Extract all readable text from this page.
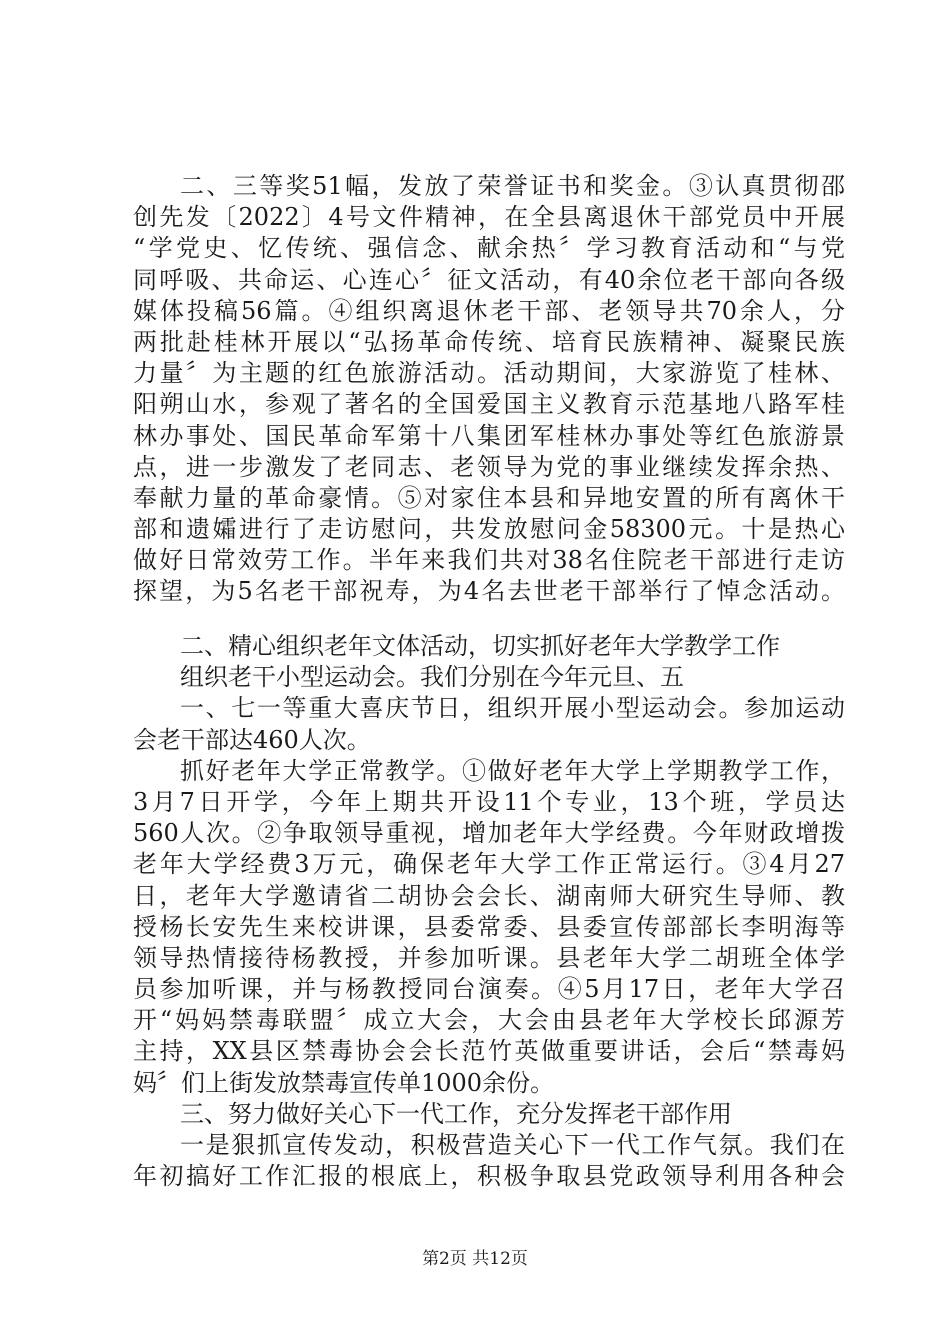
二、三等奖51幅，发放了荣誉证书和奖金。③认真贯彻邵
创先发〔2022〕4号文件精神，在全县离退休干部党员中开展
“学党史、忆传统、强信念、献余热〞学习教育活动和“与党
同呼吸、共命运、心连心〞征文活动，有40余位老干部向各级
媒体投稿56篇。④组织离退休老干部、老领导共70余人，分
两批赴桂林开展以“弘扬革命传统、培育民族精神、凝聚民族
力量〞为主题的红色旅游活动。活动期间，大家游览了桂林、
阳朔山水，参观了著名的全国爱国主义教育示范基地八路军桂
林办事处、国民革命军第十八集团军桂林办事处等红色旅游景
点，进一步激发了老同志、老领导为党的事业继续发挥余热、
奉献力量的革命豪情。⑤对家住本县和异地安置的所有离休干
部和遗孀进行了走访慰问，共发放慰问金58300元。十是热心
做好日常效劳工作。半年来我们共对38名住院老干部进行走访
探望，为5名老干部祝寿，为4名去世老干部举行了悼念活动。
二、精心组织老年文体活动，切实抓好老年大学教学工作
组织老干小型运动会。我们分别在今年元旦、五
一、七一等重大喜庆节日，组织开展小型运动会。参加运动
会老干部达460人次。
抓好老年大学正常教学。①做好老年大学上学期教学工作，
3月7日开学，今年上期共开设11个专业，13个班，学员达
560人次。②争取领导重视，增加老年大学经费。今年财政增拨
老年大学经费3万元，确保老年大学工作正常运行。③4月27
日，老年大学邀请省二胡协会会长、湖南师大研究生导师、教
授杨长安先生来校讲课，县委常委、县委宣传部部长李明海等
领导热情接待杨教授，并参加听课。县老年大学二胡班全体学
员参加听课，并与杨教授同台演奏。④5月17日，老年大学召
开“妈妈禁毒联盟〞成立大会，大会由县老年大学校长邱源芳
主持，XX县区禁毒协会会长范竹英做重要讲话，会后“禁毒妈
妈〞们上街发放禁毒宣传单1000余份。
三、努力做好关心下一代工作，充分发挥老干部作用
一是狠抓宣传发动，积极营造关心下一代工作气氛。我们在
年初搞好工作汇报的根底上，积极争取县党政领导利用各种会
第2页 共12页
